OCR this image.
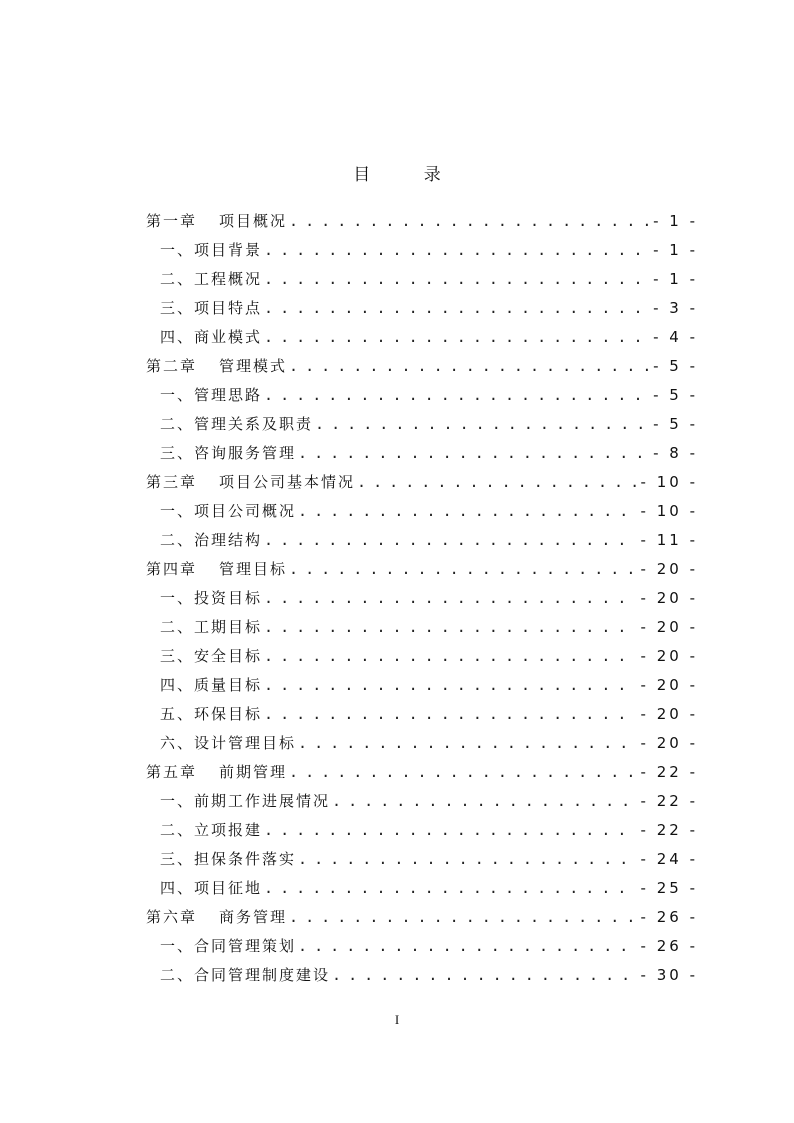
目 录
第一章 项目概况 . . .	- 1 -
一、 项目背景 . . .	- 1 -
二、 工程概况 . . .	- 1 -
三、 项目特点 . . .	- 3 -
四、 商业模式 . . .	- 4 -
第二章 管理模式 . . .	- 5 -
一、 管理思路 . . .	- 5 -
二、 管理关系及职责 . . .	- 5 -
三、 咨询服务管理 . . .	- 8 -
第三章 项目公司基本情况 . . .	- 10 -
一、 项目公司概况 . . .	- 10 -
二、 治理结构 . . .	- 11 -
第四章 管理目标 . . .	- 20 -
一、 投资目标 . . .	- 20 -
二、 工期目标 . . .	- 20 -
三、 安全目标 . . .	- 20 -
四、 质量目标 . . .	- 20 -
五、 环保目标 . . .	- 20 -
六、 设计管理目标 . . .	- 20 -
第五章 前期管理 . . .	- 22 -
一、 前期工作进展情况 . . .	- 22 -
二、 立项报建 . . .	- 22 -
三、 担保条件落实 . . .	- 24 -
四、 项目征地 . . .	- 25 -
第六章 商务管理 . . .	- 26 -
一、 合同管理策划 . . .	- 26 -
二、 合同管理制度建设 . . .	- 30 -
I
